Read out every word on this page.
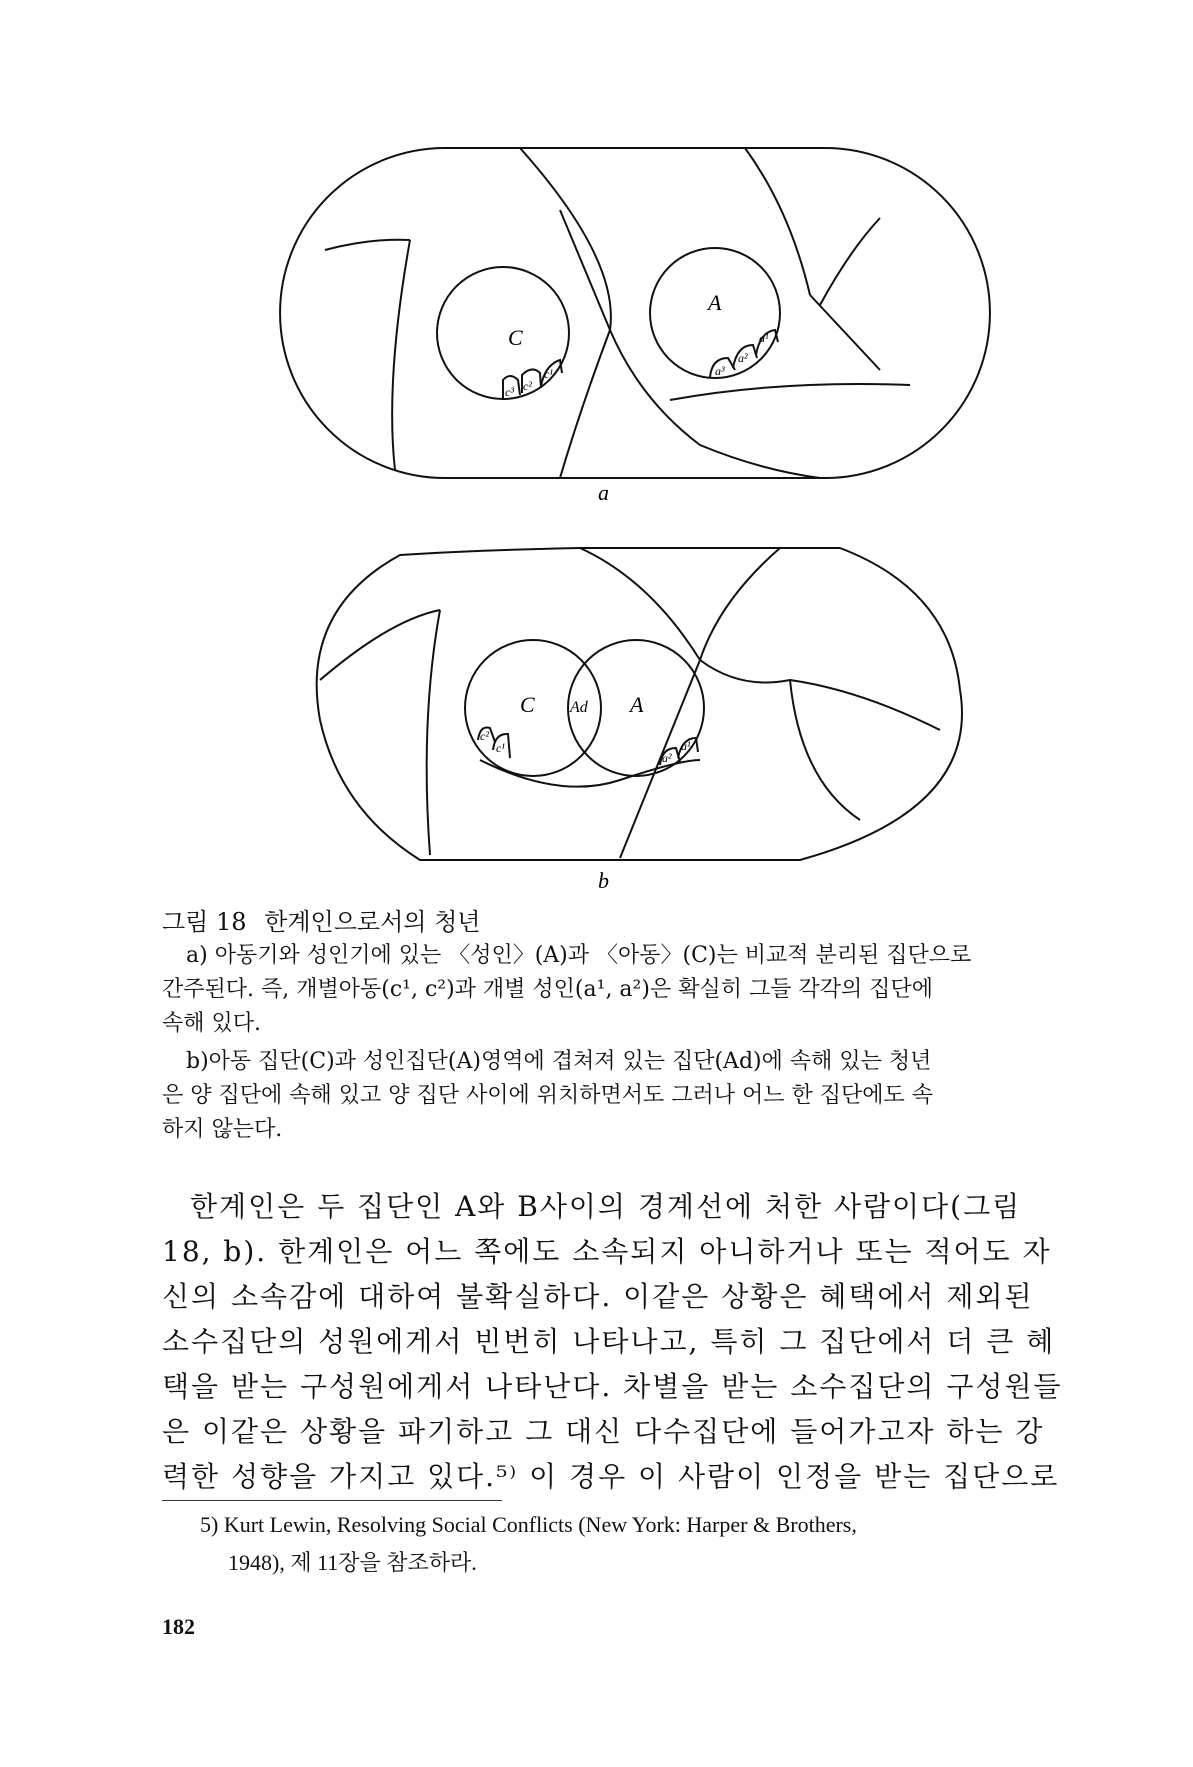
C
A
c³ c²
c¹	a³
a²
a¹
a
C	A
Ad
c²
c¹
a²
a¹
b
그림 18 한계인으로서의 청년
a) 아동기와 성인기에 있는 〈성인〉(A)과 〈아동〉(C)는 비교적 분리된 집단으로
간주된다. 즉, 개별아동(c¹, c²)과 개별 성인(a¹, a²)은 확실히 그들 각각의 집단에
속해 있다.
b)아동 집단(C)과 성인집단(A)영역에 겹쳐져 있는 집단(Ad)에 속해 있는 청년
은 양 집단에 속해 있고 양 집단 사이에 위치하면서도 그러나 어느 한 집단에도 속
하지 않는다.
한계인은 두 집단인 A와 B사이의 경계선에 처한 사람이다(그림
18, b). 한계인은 어느 쪽에도 소속되지 아니하거나 또는 적어도 자
신의 소속감에 대하여 불확실하다. 이같은 상황은 혜택에서 제외된
소수집단의 성원에게서 빈번히 나타나고, 특히 그 집단에서 더 큰 혜
택을 받는 구성원에게서 나타난다. 차별을 받는 소수집단의 구성원들
은 이같은 상황을 파기하고 그 대신 다수집단에 들어가고자 하는 강
력한 성향을 가지고 있다.⁵⁾ 이 경우 이 사람이 인정을 받는 집단으로
5) Kurt Lewin, Resolving Social Conflicts (New York: Harper & Brothers,
1948), 제 11장을 참조하라.
182
